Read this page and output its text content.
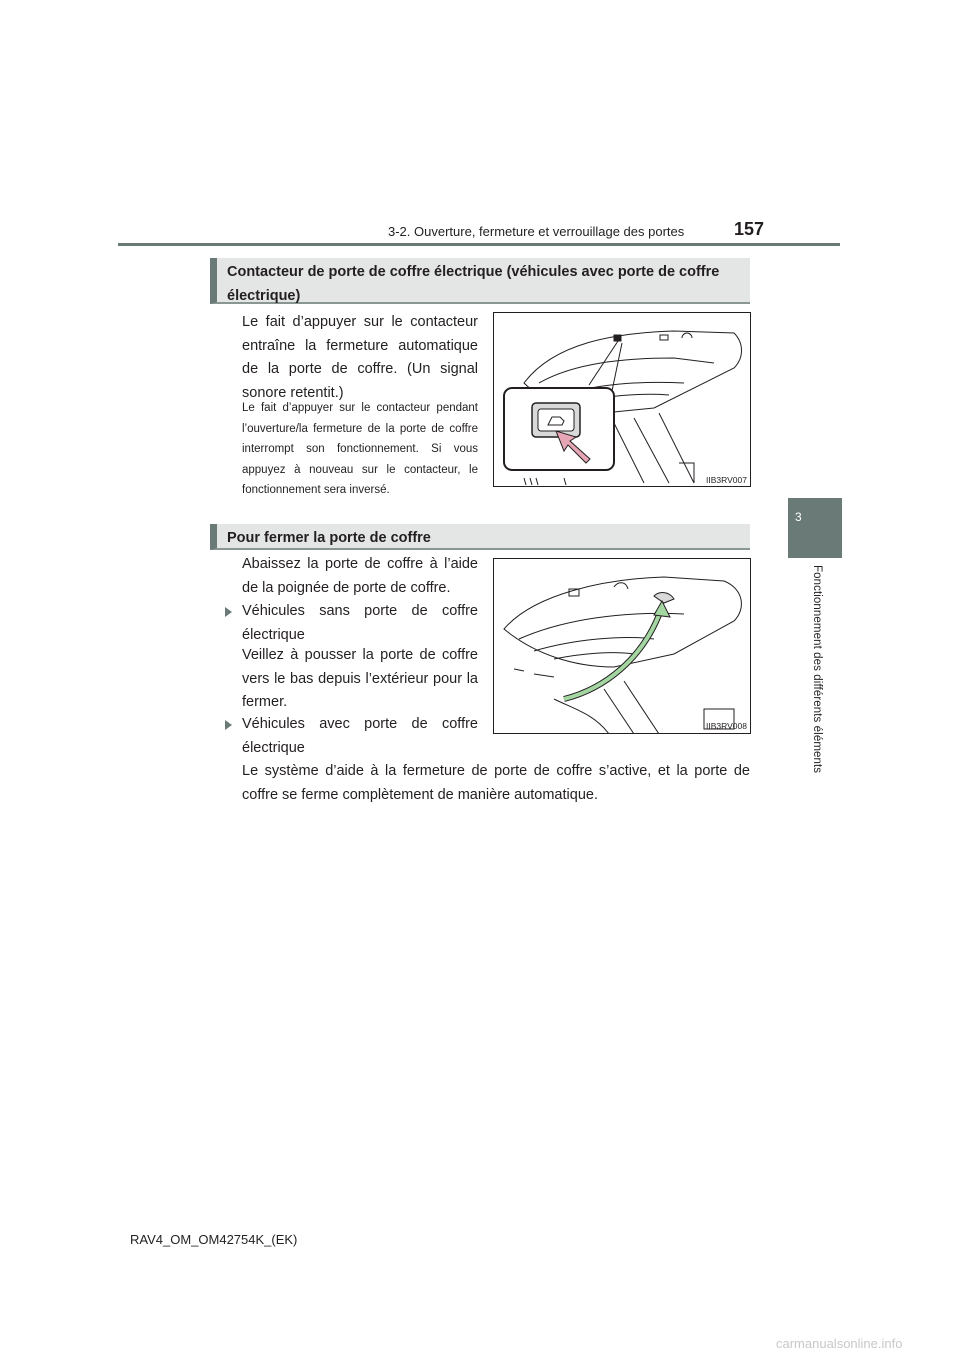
3-2. Ouverture, fermeture et verrouillage des portes	157
3
Fonctionnement des différents éléments
Contacteur de porte de coffre électrique (véhicules avec porte de coffre électrique)
Le fait d’appuyer sur le contacteur entraîne la fermeture automatique de la porte de coffre. (Un signal sonore retentit.)
Le fait d’appuyer sur le contacteur pendant l’ouverture/la fermeture de la porte de coffre interrompt son fonctionnement. Si vous appuyez à nouveau sur le contacteur, le fonctionnement sera inversé.
IIB3RV007
Pour fermer la porte de coffre
Abaissez la porte de coffre à l’aide de la poignée de porte de coffre.
Véhicules sans porte de coffre électrique
Veillez à pousser la porte de coffre vers le bas depuis l’extérieur pour la fermer.
Véhicules avec porte de coffre électrique
IIB3RV008
Le système d’aide à la fermeture de porte de coffre s’active, et la porte de coffre se ferme complètement de manière automatique.
RAV4_OM_OM42754K_(EK)
carmanualsonline.info
